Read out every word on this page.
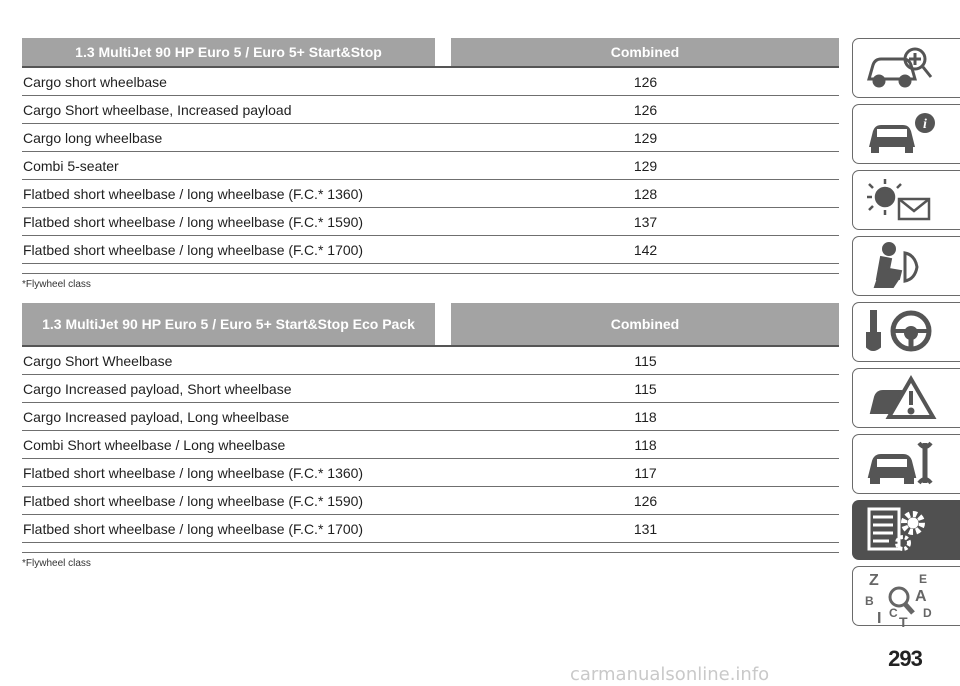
1.3 MultiJet 90 HP Euro 5 / Euro 5+ Start&Stop	Combined
Cargo short wheelbase	126
Cargo Short wheelbase, Increased payload	126
Cargo long wheelbase	129
Combi 5-seater	129
Flatbed short wheelbase / long wheelbase (F.C.* 1360)	128
Flatbed short wheelbase / long wheelbase (F.C.* 1590)	137
Flatbed short wheelbase / long wheelbase (F.C.* 1700)	142
*Flywheel class
1.3 MultiJet 90 HP Euro 5 / Euro 5+ Start&Stop Eco Pack	Combined
Cargo Short Wheelbase	115
Cargo Increased payload, Short wheelbase	115
Cargo Increased payload, Long wheelbase	118
Combi Short wheelbase / Long wheelbase	118
Flatbed short wheelbase / long wheelbase (F.C.* 1360)	117
Flatbed short wheelbase / long wheelbase (F.C.* 1590)	126
Flatbed short wheelbase / long wheelbase (F.C.* 1700)	131
*Flywheel class
i
Z	E
B	A
I C
T
D
293
carmanualsonline.info
